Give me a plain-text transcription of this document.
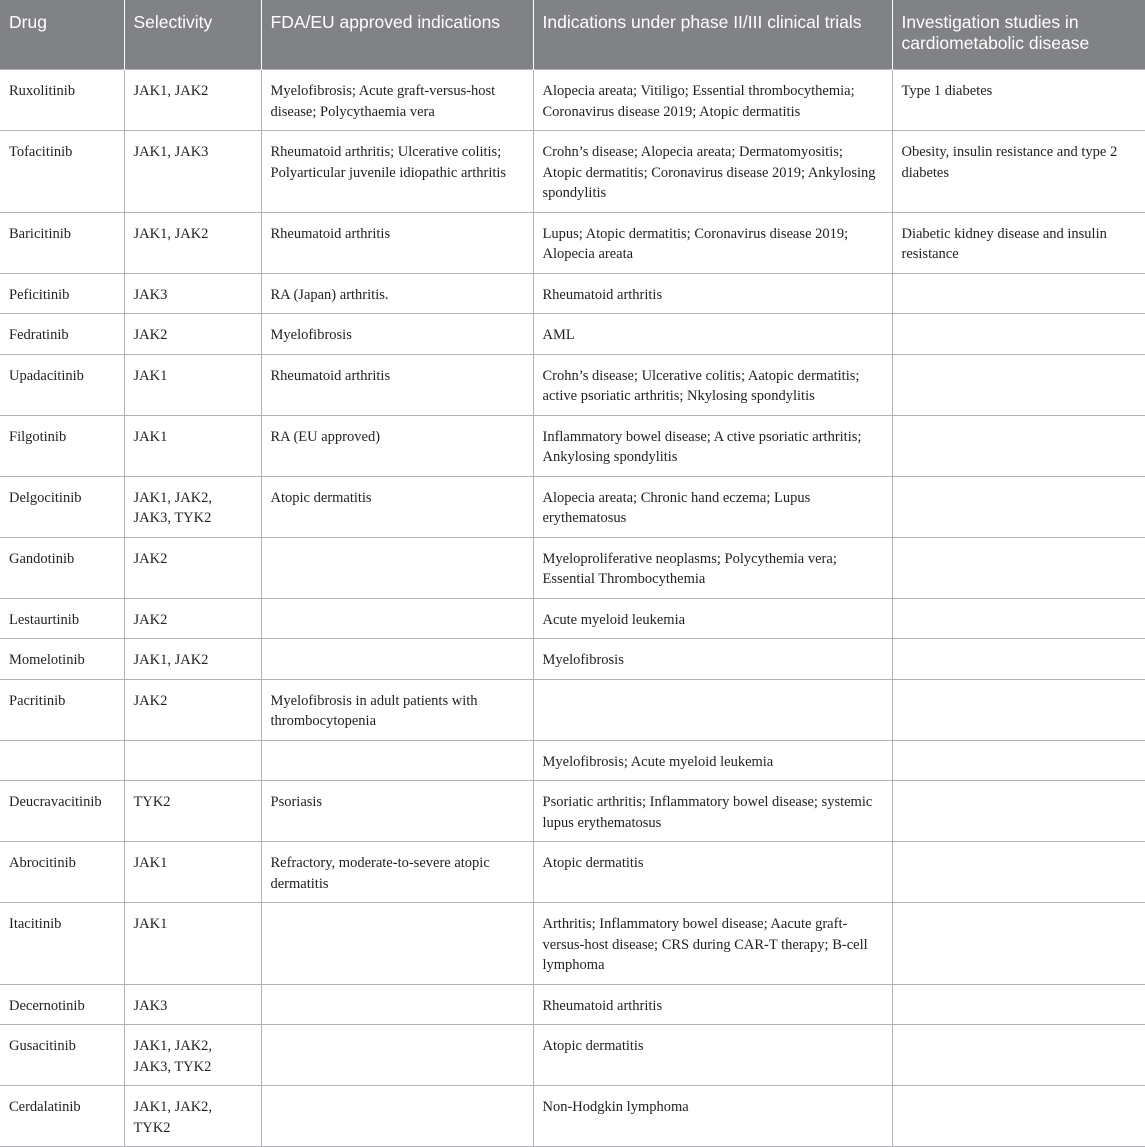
Drug	Selectivity	FDA/EU approved indications	Indications under phase II/III clinical trials	Investigation studies in cardiometabolic disease
Ruxolitinib	JAK1, JAK2	Myelofibrosis; Acute graft-versus-host disease; Polycythaemia vera	Alopecia areata; Vitiligo; Essential thrombocythemia; Coronavirus disease 2019; Atopic dermatitis	Type 1 diabetes
Tofacitinib	JAK1, JAK3	Rheumatoid arthritis; Ulcerative colitis; Polyarticular juvenile idiopathic arthritis	Crohn’s disease; Alopecia areata; Dermatomyositis; Atopic dermatitis; Coronavirus disease 2019; Ankylosing spondylitis	Obesity, insulin resistance and type 2 diabetes
Baricitinib	JAK1, JAK2	Rheumatoid arthritis	Lupus; Atopic dermatitis; Coronavirus disease 2019; Alopecia areata	Diabetic kidney disease and insulin resistance
Peficitinib	JAK3	RA (Japan) arthritis.	Rheumatoid arthritis	
Fedratinib	JAK2	Myelofibrosis	AML	
Upadacitinib	JAK1	Rheumatoid arthritis	Crohn’s disease; Ulcerative colitis; Aatopic dermatitis; active psoriatic arthritis; Nkylosing spondylitis	
Filgotinib	JAK1	RA (EU approved)	Inflammatory bowel disease; A ctive psoriatic arthritis; Ankylosing spondylitis	
Delgocitinib	JAK1, JAK2, JAK3, TYK2	Atopic dermatitis	Alopecia areata; Chronic hand eczema; Lupus erythematosus	
Gandotinib	JAK2		Myeloproliferative neoplasms; Polycythemia vera; Essential Thrombocythemia	
Lestaurtinib	JAK2		Acute myeloid leukemia	
Momelotinib	JAK1, JAK2		Myelofibrosis	
Pacritinib	JAK2	Myelofibrosis in adult patients with thrombocytopenia		
			Myelofibrosis; Acute myeloid leukemia	
Deucravacitinib	TYK2	Psoriasis	Psoriatic arthritis; Inflammatory bowel disease; systemic lupus erythematosus	
Abrocitinib	JAK1	Refractory, moderate-to-severe atopic dermatitis	Atopic dermatitis	
Itacitinib	JAK1		Arthritis; Inflammatory bowel disease; Aacute graft-versus-host disease; CRS during CAR-T therapy; B-cell lymphoma	
Decernotinib	JAK3		Rheumatoid arthritis	
Gusacitinib	JAK1, JAK2, JAK3, TYK2		Atopic dermatitis	
Cerdalatinib	JAK1, JAK2, TYK2		Non-Hodgkin lymphoma	
